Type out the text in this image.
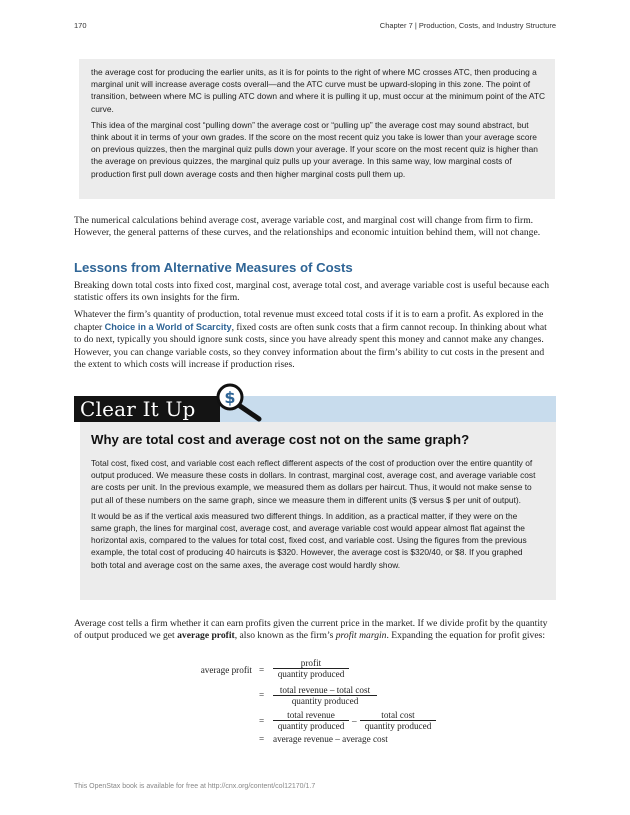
170	Chapter 7 | Production, Costs, and Industry Structure

the average cost for producing the earlier units, as it is for points to the right of where MC crosses ATC, then producing a marginal unit will increase average costs overall—and the ATC curve must be upward-sloping in this zone. The point of transition, between where MC is pulling ATC down and where it is pulling it up, must occur at the minimum point of the ATC curve.

This idea of the marginal cost “pulling down” the average cost or “pulling up” the average cost may sound abstract, but think about it in terms of your own grades. If the score on the most recent quiz you take is lower than your average score on previous quizzes, then the marginal quiz pulls down your average. If your score on the most recent quiz is higher than the average on previous quizzes, the marginal quiz pulls up your average. In this same way, low marginal costs of production first pull down average costs and then higher marginal costs pull them up.

The numerical calculations behind average cost, average variable cost, and marginal cost will change from firm to firm. However, the general patterns of these curves, and the relationships and economic intuition behind them, will not change.

Lessons from Alternative Measures of Costs

Breaking down total costs into fixed cost, marginal cost, average total cost, and average variable cost is useful because each statistic offers its own insights for the firm.

Whatever the firm’s quantity of production, total revenue must exceed total costs if it is to earn a profit. As explored in the chapter Choice in a World of Scarcity, fixed costs are often sunk costs that a firm cannot recoup. In thinking about what to do next, typically you should ignore sunk costs, since you have already spent this money and cannot make any changes. However, you can change variable costs, so they convey information about the firm’s ability to cut costs in the present and the extent to which costs will increase if production rises.

Clear It Up $
Why are total cost and average cost not on the same graph?

Total cost, fixed cost, and variable cost each reflect different aspects of the cost of production over the entire quantity of output produced. We measure these costs in dollars. In contrast, marginal cost, average cost, and average variable cost are costs per unit. In the previous example, we measured them as dollars per haircut. Thus, it would not make sense to put all of these numbers on the same graph, since we measure them in different units ($ versus $ per unit of output).

It would be as if the vertical axis measured two different things. In addition, as a practical matter, if they were on the same graph, the lines for marginal cost, average cost, and average variable cost would appear almost flat against the horizontal axis, compared to the values for total cost, fixed cost, and variable cost. Using the figures from the previous example, the total cost of producing 40 haircuts is $320. However, the average cost is $320/40, or $8. If you graphed both total and average cost on the same axes, the average cost would hardly show.

Average cost tells a firm whether it can earn profits given the current price in the market. If we divide profit by the quantity of output produced we get average profit, also known as the firm’s profit margin. Expanding the equation for profit gives:

average profit =
profit
quantity produced
=	total revenue – total cost
quantity produced
=
total revenue
quantity produced –
total cost
quantity produced
= average revenue – average cost
This OpenStax book is available for free at http://cnx.org/content/col12170/1.7
